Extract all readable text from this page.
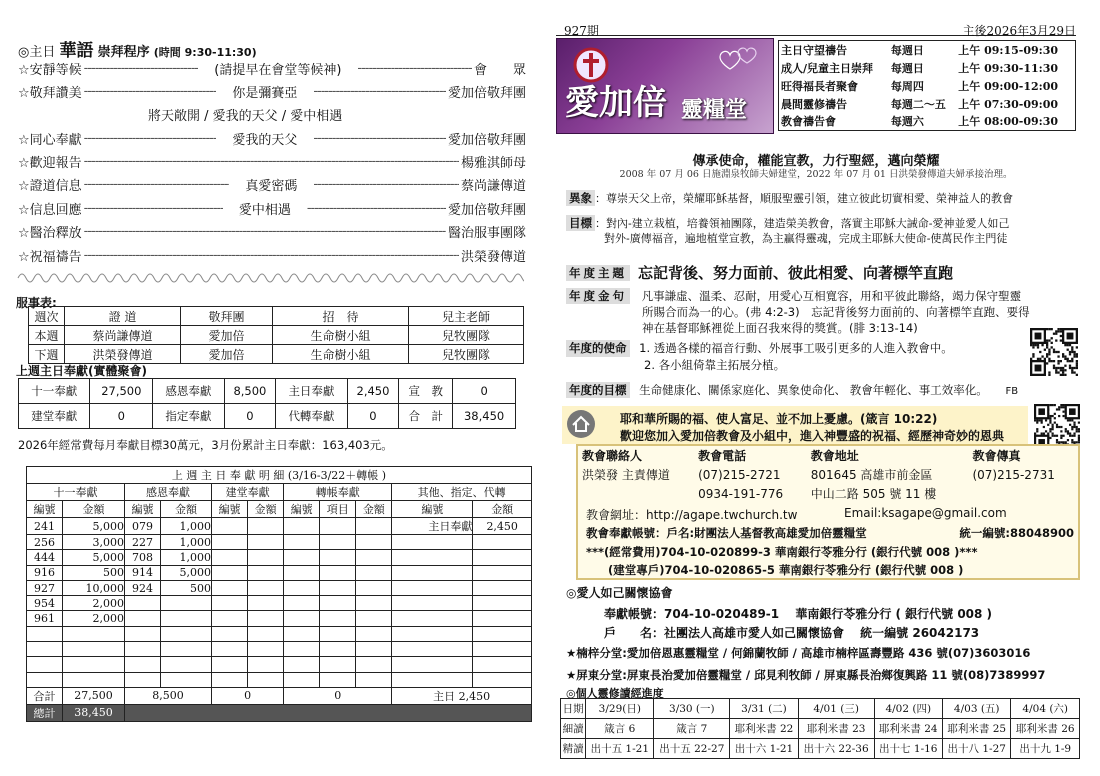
◎主日 華語 崇拜程序 (時間 9:30-11:30)
☆安靜等候 -----	(請提早在會堂等候神) -----	會　　眾
☆敬拜讚美 -----	你是彌賽亞 -----	愛加倍敬拜團
☆同心奉獻 -----	愛我的天父 -----	愛加倍敬拜團
☆歡迎報告 -----	楊雅淇師母
☆證道信息 -----	真愛密碼 -----	蔡尚謙傳道
☆信息回應 -----	愛中相遇 -----	愛加倍敬拜團
☆醫治釋放 -----	醫治服事團隊
☆祝福禱告 -----	洪榮發傳道
將天敞開 / 愛我的天父 / 愛中相遇
服事表:
週次	證 道	敬拜團	招　待	兒主老師
本週	蔡尚謙傳道	愛加倍	生命樹小組	兒牧團隊
下週	洪榮發傳道	愛加倍	生命樹小組	兒牧團隊
上週主日奉獻(實體聚會)
十一奉獻	27,500	感恩奉獻	8,500	主日奉獻	2,450	宣　教	0
建堂奉獻	0	指定奉獻	0	代轉奉獻	0	合　計	38,450
2026年經常費每月奉獻目標30萬元，3月份累計主日奉獻：163,403元。
上 週 主 日 奉 獻 明 細 (3/16-3/22＋轉帳 )										
十一奉獻		感恩奉獻		建堂奉獻		轉帳奉獻			其他、指定、代轉	
編號	金額	編號	金額	編號	金額	編號	項目	金額	編號	金額
241	5,000	079	1,000						主日奉獻	2,450
256	3,000	227	1,000							
444	5,000	708	1,000							
916	500	914	5,000							
927	10,000	924	500							
954	2,000									
961	2,000									

合計	27,500	8,500		0		0			主日 2,450	
總計	38,450									
927期	主後2026年3月29日
愛加倍 靈糧堂
主日守望禱告	每週日	上午 09:15-09:30
成人/兒童主日崇拜	每週日	上午 09:30-11:30
旺得福長者聚會	每周四	上午 09:00-12:00
晨間靈修禱告	每週二～五	上午 07:30-09:00
教會禱告會	每週六	上午 08:00-09:30
傳承使命，權能宣教，力行聖經，邁向榮耀
2008 年 07 月 06 日施淵泉牧師夫婦建堂，2022 年 07 月 01 日洪榮發傳道夫婦承接治理。
異象 ：尊崇天父上帝，榮耀耶穌基督，順服聖靈引領，建立彼此切實相愛、榮神益人的教會
目標 ：對內-建立栽植，培養領袖團隊，建造榮美教會，落實主耶穌大誡命-愛神並愛人如己
對外-廣傳福音，遍地植堂宣教，為主贏得靈魂，完成主耶穌大使命-使萬民作主門徒
年度主題 忘記背後、努力面前、彼此相愛、向著標竿直跑
年度金句 凡事謙虛、溫柔、忍耐，用愛心互相寬容，用和平彼此聯絡，竭力保守聖靈
所賜合而為一的心。(弗 4:2-3)　忘記背後努力面前的、向著標竿直跑、要得
神在基督耶穌裡從上面召我來得的獎賞。(腓 3:13-14)
年度的使命 1. 透過各樣的福音行動、外展事工吸引更多的人進入教會中。
2. 各小組倚靠主拓展分植。
年度的目標 生命健康化、關係家庭化、異象使命化、 教會年輕化、事工效率化。 FB
耶和華所賜的福、使人富足、並不加上憂慮。(箴言 10:22)
歡迎您加入愛加倍教會及小組中，進入神豐盛的祝福、經歷神奇妙的恩典
教會聯絡人	教會電話	教會地址	教會傳真
洪榮發 主責傳道	(07)215-2721	801645 高雄市前金區	(07)215-2731
	0934-191-776	中山二路 505 號 11 樓	
教會網址：http://agape.twchurch.tw	Email:ksagape@gmail.com
教會奉獻帳號：戶名:財團法人基督教高雄愛加倍靈糧堂	統一編號:88048900
***(經常費用)704-10-020899-3 華南銀行苓雅分行 (銀行代號 008 )***
(建堂專戶)704-10-020865-5 華南銀行苓雅分行 (銀行代號 008 )
◎愛人如己關懷協會
奉獻帳號：704-10-020489-1　 華南銀行苓雅分行 ( 銀行代號 008 )
戶　　名：社團法人高雄市愛人如己關懷協會　 統一編號 26042173
★楠梓分堂:愛加倍恩惠靈糧堂 / 何錦蘭牧師 / 高雄市楠梓區壽豐路 436 號(07)3603016
★屏東分堂:屏東長治愛加倍靈糧堂 / 邱見利牧師 / 屏東縣長治鄉復興路 11 號(08)7389997
◎個人靈修讀經進度
日期	3/29(日)	3/30 (一)	3/31 (二)	4/01 (三)	4/02 (四)	4/03 (五)	4/04 (六)
細讀	箴言 6	箴言 7	耶利米書 22	耶利米書 23	耶利米書 24	耶利米書 25	耶利米書 26
精讀	出十五 1-21	出十五 22-27	出十六 1-21	出十六 22-36	出十七 1-16	出十八 1-27	出十九 1-9
